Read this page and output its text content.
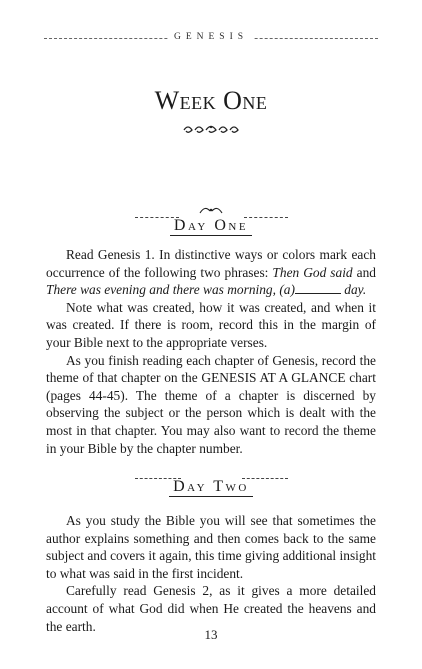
GENESIS
Week One
Day One

Read Genesis 1. In distinctive ways or colors mark each occurrence of the following two phrases: Then God said and There was evening and there was morning, (a)	day.

Note what was created, how it was created, and when it was created. If there is room, record this in the margin of your Bible next to the appropriate verses.

As you finish reading each chapter of Genesis, record the theme of that chapter on the GENESIS AT A GLANCE chart (pages 44-45). The theme of a chapter is discerned by observing the subject or the person which is dealt with the most in that chapter. You may also want to record the theme in your Bible by the chapter number.

Day Two

As you study the Bible you will see that sometimes the author explains something and then comes back to the same subject and covers it again, this time giving additional insight to what was said in the first incident.

Carefully read Genesis 2, as it gives a more detailed account of what God did when He created the heavens and the earth.

13
